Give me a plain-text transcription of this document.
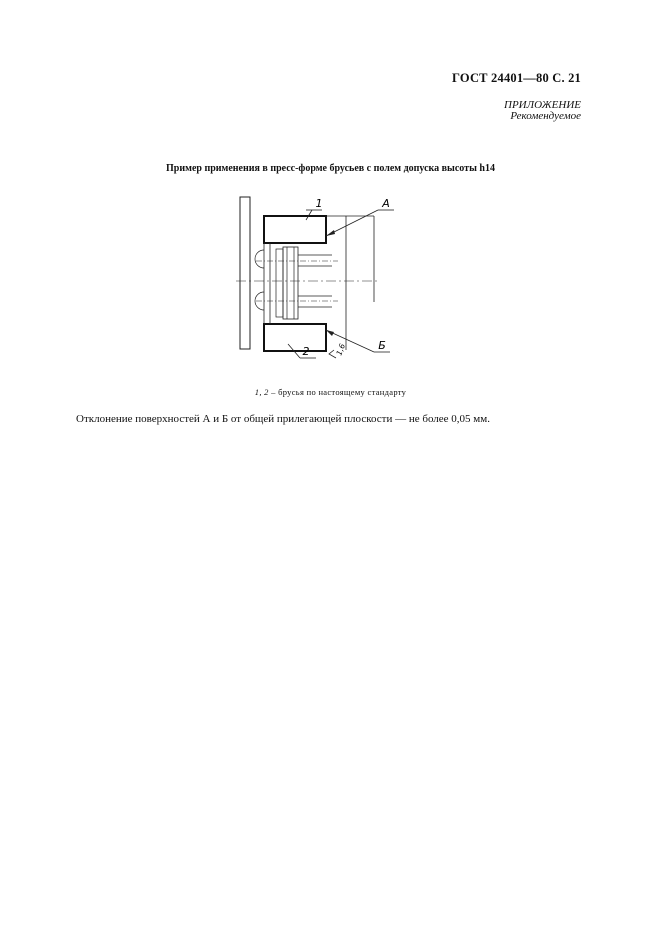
ГОСТ 24401—80 С. 21
ПРИЛОЖЕНИЕ
Рекомендуемое
Пример применения в пресс-форме брусьев с полем допуска высоты h14
1
2
А
Б
1,6
1, 2 – брусья по настоящему стандарту
Отклонение поверхностей А и Б от общей прилегающей плоскости — не более 0,05 мм.
